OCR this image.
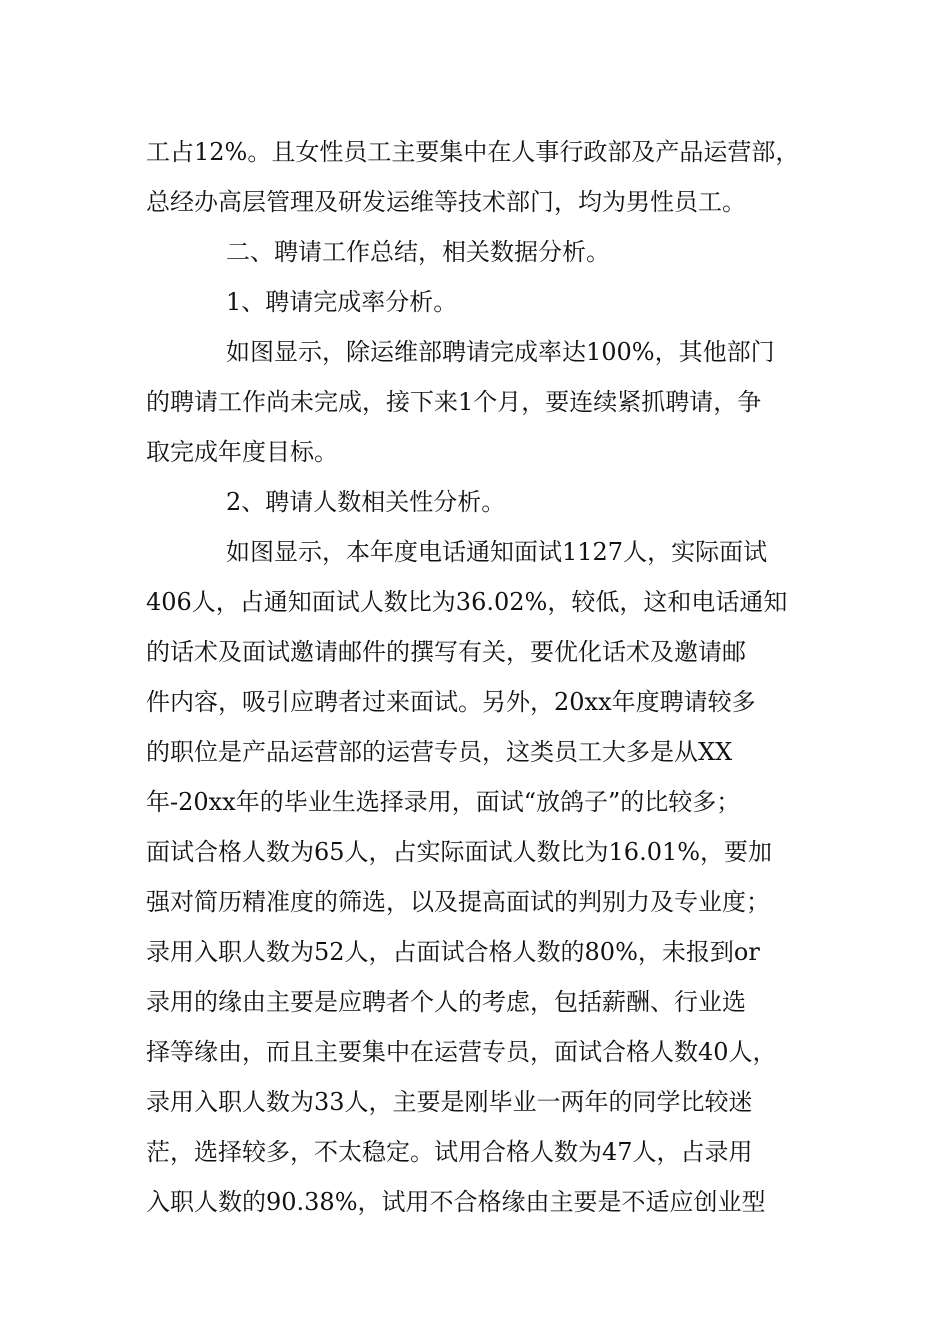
工占12%。且女性员工主要集中在人事行政部及产品运营部，
总经办高层管理及研发运维等技术部门，均为男性员工。
二、聘请工作总结，相关数据分析。
1、聘请完成率分析。
如图显示，除运维部聘请完成率达100%，其他部门
的聘请工作尚未完成，接下来1个月，要连续紧抓聘请，争
取完成年度目标。
2、聘请人数相关性分析。
如图显示，本年度电话通知面试1127人，实际面试
406人，占通知面试人数比为36.02%，较低，这和电话通知
的话术及面试邀请邮件的撰写有关，要优化话术及邀请邮
件内容，吸引应聘者过来面试。另外，20xx年度聘请较多
的职位是产品运营部的运营专员，这类员工大多是从XX
年-20xx年的毕业生选择录用，面试“放鸽子”的比较多；
面试合格人数为65人，占实际面试人数比为16.01%，要加
强对简历精准度的筛选，以及提高面试的判别力及专业度；
录用入职人数为52人，占面试合格人数的80%，未报到or
录用的缘由主要是应聘者个人的考虑，包括薪酬、行业选
择等缘由，而且主要集中在运营专员，面试合格人数40人，
录用入职人数为33人，主要是刚毕业一两年的同学比较迷
茫，选择较多，不太稳定。试用合格人数为47人，占录用
入职人数的90.38%，试用不合格缘由主要是不适应创业型
